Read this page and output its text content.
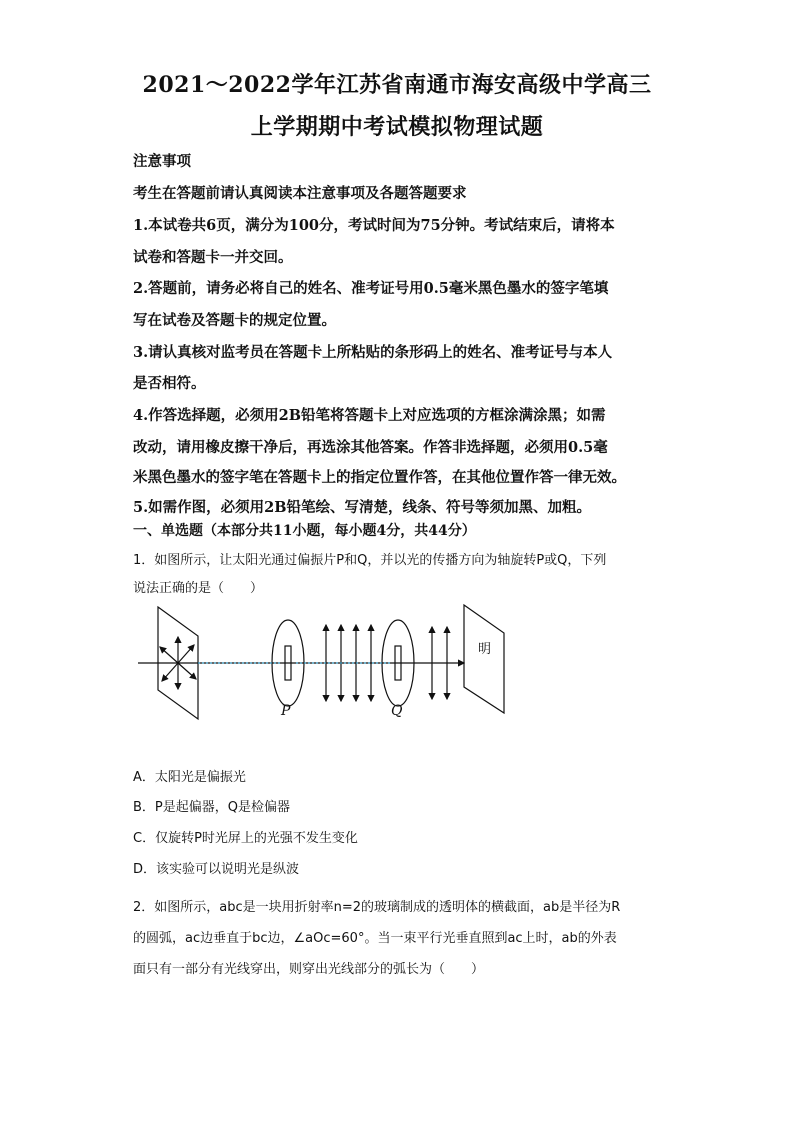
2021～2022学年江苏省南通市海安高级中学高三
上学期期中考试模拟物理试题
注意事项
考生在答题前请认真阅读本注意事项及各题答题要求
1.本试卷共6页，满分为100分，考试时间为75分钟。考试结束后，请将本
试卷和答题卡一并交回。
2.答题前，请务必将自己的姓名、准考证号用0.5毫米黑色墨水的签字笔填
写在试卷及答题卡的规定位置。
3.请认真核对监考员在答题卡上所粘贴的条形码上的姓名、准考证号与本人
是否相符。
4.作答选择题，必须用2B铅笔将答题卡上对应选项的方框涂满涂黑；如需
改动，请用橡皮擦干净后，再选涂其他答案。作答非选择题，必须用0.5毫
米黑色墨水的签字笔在答题卡上的指定位置作答，在其他位置作答一律无效。
5.如需作图，必须用2B铅笔绘、写清楚，线条、符号等须加黑、加粗。
一、单选题（本部分共11小题，每小题4分，共44分）
1．如图所示，让太阳光通过偏振片P和Q，并以光的传播方向为轴旋转P或Q，下列
说法正确的是（　　）
P	Q
明
A．太阳光是偏振光
B．P是起偏器，Q是检偏器
C．仅旋转P时光屏上的光强不发生变化
D．该实验可以说明光是纵波
2．如图所示，abc是一块用折射率n=2的玻璃制成的透明体的横截面，ab是半径为R
的圆弧，ac边垂直于bc边，∠aOc=60°。当一束平行光垂直照到ac上时，ab的外表
面只有一部分有光线穿出，则穿出光线部分的弧长为（　　）
